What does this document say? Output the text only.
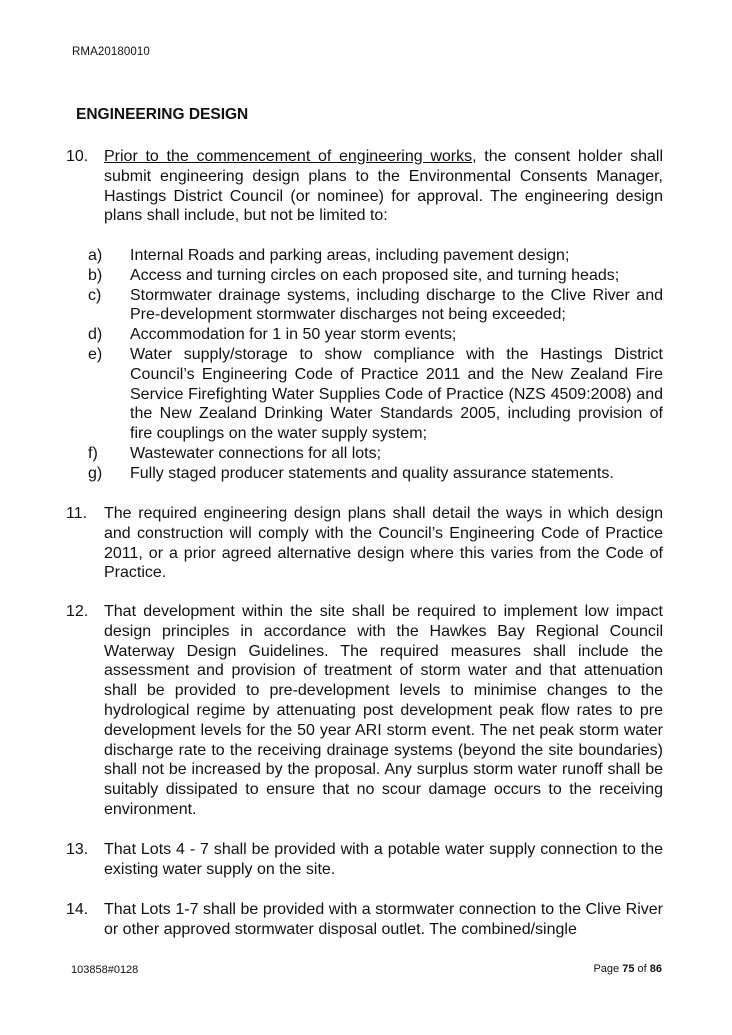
RMA20180010
ENGINEERING DESIGN
10. Prior to the commencement of engineering works, the consent holder shall submit engineering design plans to the Environmental Consents Manager, Hastings District Council (or nominee) for approval. The engineering design plans shall include, but not be limited to:
a) Internal Roads and parking areas, including pavement design;
b) Access and turning circles on each proposed site, and turning heads;
c) Stormwater drainage systems, including discharge to the Clive River and Pre-development stormwater discharges not being exceeded;
d) Accommodation for 1 in 50 year storm events;
e) Water supply/storage to show compliance with the Hastings District Council’s Engineering Code of Practice 2011 and the New Zealand Fire Service Firefighting Water Supplies Code of Practice (NZS 4509:2008) and the New Zealand Drinking Water Standards 2005, including provision of fire couplings on the water supply system;
f) Wastewater connections for all lots;
g) Fully staged producer statements and quality assurance statements.
11.	The required engineering design plans shall detail the ways in which design and construction will comply with the Council’s Engineering Code of Practice 2011, or a prior agreed alternative design where this varies from the Code of Practice.
12. That development within the site shall be required to implement low impact design principles in accordance with the Hawkes Bay Regional Council Waterway Design Guidelines. The required measures shall include the assessment and provision of treatment of storm water and that attenuation shall be provided to pre-development levels to minimise changes to the hydrological regime by attenuating post development peak flow rates to pre development levels for the 50 year ARI storm event. The net peak storm water discharge rate to the receiving drainage systems (beyond the site boundaries) shall not be increased by the proposal. Any surplus storm water runoff shall be suitably dissipated to ensure that no scour damage occurs to the receiving environment.
13. That Lots 4 - 7 shall be provided with a potable water supply connection to the existing water supply on the site.
14. That Lots 1-7 shall be provided with a stormwater connection to the Clive River or other approved stormwater disposal outlet. The combined/single
103858#0128	Page 75 of 86
